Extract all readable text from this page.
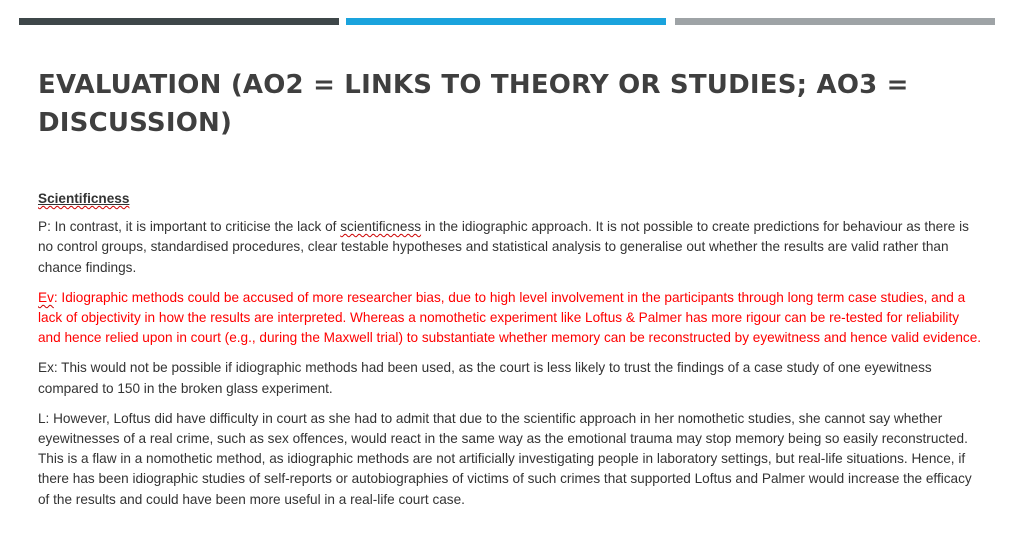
EVALUATION (AO2 = LINKS TO THEORY OR STUDIES; AO3 = DISCUSSION)

Scientificness

P: In contrast, it is important to criticise the lack of scientificness in the idiographic approach. It is not possible to create predictions for behaviour as there is no control groups, standardised procedures, clear testable hypotheses and statistical analysis to generalise out whether the results are valid rather than chance findings.

Ev: Idiographic methods could be accused of more researcher bias, due to high level involvement in the participants through long term case studies, and a lack of objectivity in how the results are interpreted. Whereas a nomothetic experiment like Loftus & Palmer has more rigour can be re-tested for reliability and hence relied upon in court (e.g., during the Maxwell trial) to substantiate whether memory can be reconstructed by eyewitness and hence valid evidence.

Ex: This would not be possible if idiographic methods had been used, as the court is less likely to trust the findings of a case study of one eyewitness compared to 150 in the broken glass experiment.

L: However, Loftus did have difficulty in court as she had to admit that due to the scientific approach in her nomothetic studies, she cannot say whether eyewitnesses of a real crime, such as sex offences, would react in the same way as the emotional trauma may stop memory being so easily reconstructed. This is a flaw in a nomothetic method, as idiographic methods are not artificially investigating people in laboratory settings, but real-life situations. Hence, if there has been idiographic studies of self-reports or autobiographies of victims of such crimes that supported Loftus and Palmer would increase the efficacy of the results and could have been more useful in a real-life court case.
